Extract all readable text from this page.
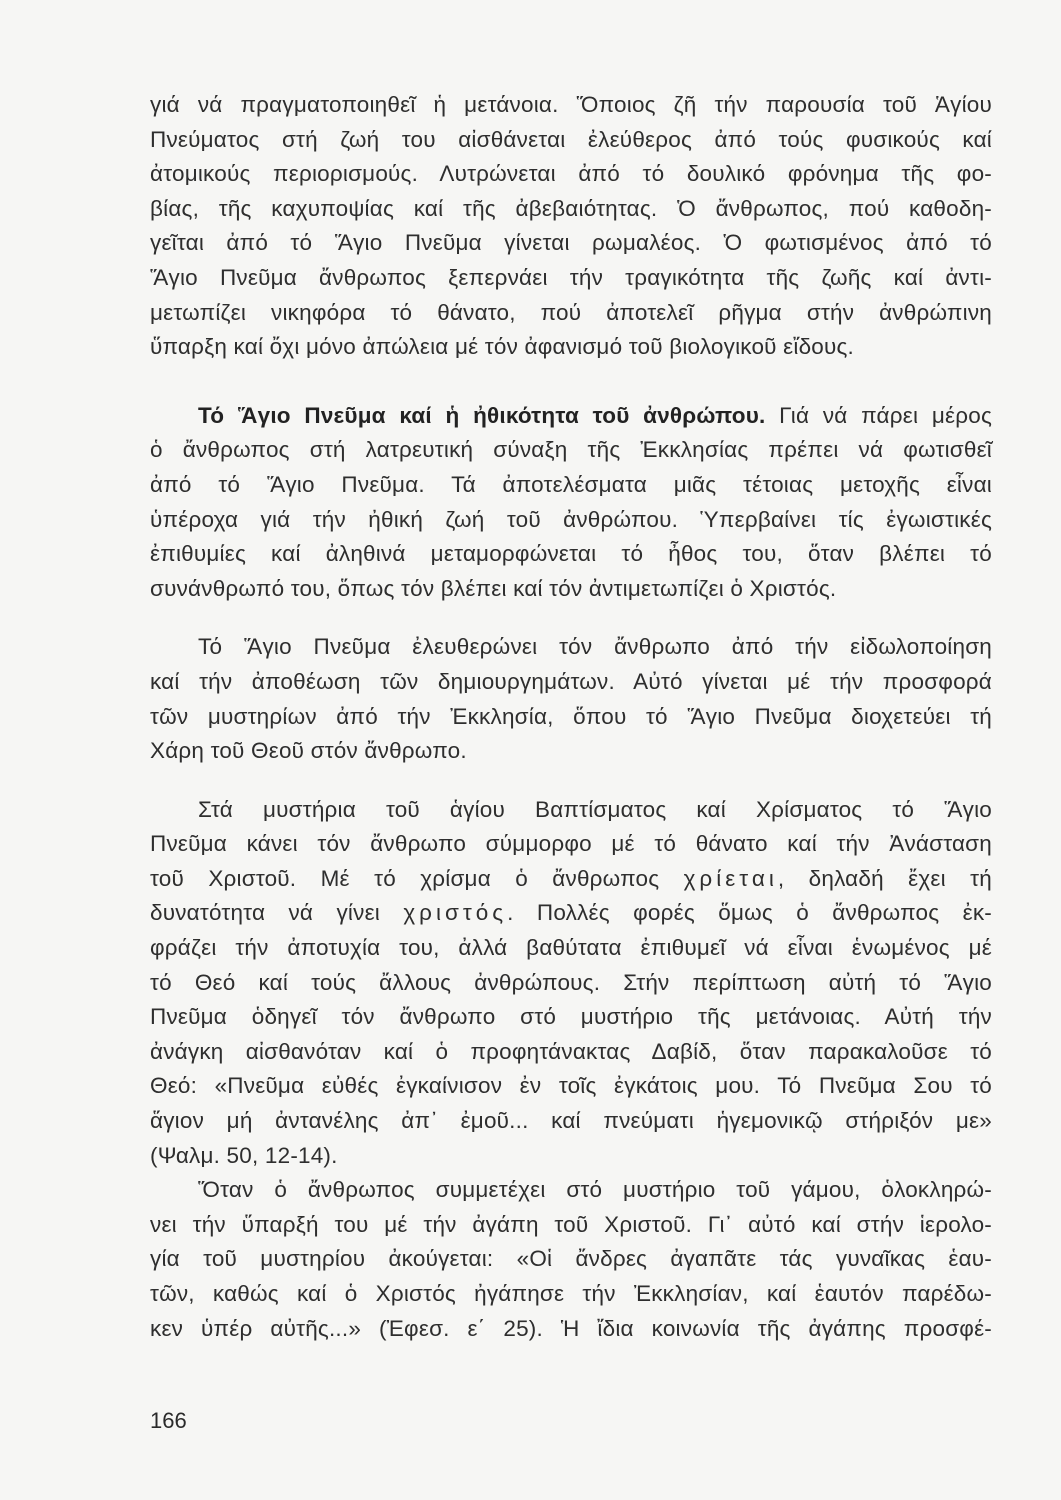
γιά νά πραγματοποιηθεῖ ἡ μετάνοια. Ὅποιος ζῆ τήν παρουσία τοῦ Ἁγίου
Πνεύματος στή ζωή του αἰσθάνεται ἐλεύθερος ἀπό τούς φυσικούς καί
ἀτομικούς περιορισμούς. Λυτρώνεται ἀπό τό δουλικό φρόνημα τῆς φο-
βίας, τῆς καχυποψίας καί τῆς ἀβεβαιότητας. Ὁ ἄνθρωπος, πού καθοδη-
γεῖται ἀπό τό Ἅγιο Πνεῦμα γίνεται ρωμαλέος. Ὁ φωτισμένος ἀπό τό
Ἅγιο Πνεῦμα ἄνθρωπος ξεπερνάει τήν τραγικότητα τῆς ζωῆς καί ἀντι-
μετωπίζει νικηφόρα τό θάνατο, πού ἀποτελεῖ ρῆγμα στήν ἀνθρώπινη
ὕπαρξη καί ὄχι μόνο ἀπώλεια μέ τόν ἀφανισμό τοῦ βιολογικοῦ εἴδους.
Τό Ἅγιο Πνεῦμα καί ἡ ἠθικότητα τοῦ ἀνθρώπου. Γιά νά πάρει μέρος
ὁ ἄνθρωπος στή λατρευτική σύναξη τῆς Ἐκκλησίας πρέπει νά φωτισθεῖ
ἀπό τό Ἅγιο Πνεῦμα. Τά ἀποτελέσματα μιᾶς τέτοιας μετοχῆς εἶναι
ὑπέροχα γιά τήν ἠθική ζωή τοῦ ἀνθρώπου. Ὑπερβαίνει τίς ἐγωιστικές
ἐπιθυμίες καί ἀληθινά μεταμορφώνεται τό ἦθος του, ὅταν βλέπει τό
συνάνθρωπό του, ὅπως τόν βλέπει καί τόν ἀντιμετωπίζει ὁ Χριστός.
Τό Ἅγιο Πνεῦμα ἐλευθερώνει τόν ἄνθρωπο ἀπό τήν εἰδωλοποίηση
καί τήν ἀποθέωση τῶν δημιουργημάτων. Αὐτό γίνεται μέ τήν προσφορά
τῶν μυστηρίων ἀπό τήν Ἐκκλησία, ὅπου τό Ἅγιο Πνεῦμα διοχετεύει τή
Χάρη τοῦ Θεοῦ στόν ἄνθρωπο.
Στά μυστήρια τοῦ ἁγίου Βαπτίσματος καί Χρίσματος τό Ἅγιο
Πνεῦμα κάνει τόν ἄνθρωπο σύμμορφο μέ τό θάνατο καί τήν Ἀνάσταση
τοῦ Χριστοῦ. Μέ τό χρίσμα ὁ ἄνθρωπος χρίεται, δηλαδή ἔχει τή
δυνατότητα νά γίνει χριστός. Πολλές φορές ὅμως ὁ ἄνθρωπος ἐκ-
φράζει τήν ἀποτυχία του, ἀλλά βαθύτατα ἐπιθυμεῖ νά εἶναι ἑνωμένος μέ
τό Θεό καί τούς ἄλλους ἀνθρώπους. Στήν περίπτωση αὐτή τό Ἅγιο
Πνεῦμα ὁδηγεῖ τόν ἄνθρωπο στό μυστήριο τῆς μετάνοιας. Αὐτή τήν
ἀνάγκη αἰσθανόταν καί ὁ προφητάνακτας Δαβίδ, ὅταν παρακαλοῦσε τό
Θεό: «Πνεῦμα εὐθές ἐγκαίνισον ἐν τοῖς ἐγκάτοις μου. Τό Πνεῦμα Σου τό
ἅγιον μή ἀντανέλης ἀπ᾽ ἐμοῦ... καί πνεύματι ἡγεμονικῷ στήριξόν με»
(Ψαλμ. 50, 12-14).
Ὅταν ὁ ἄνθρωπος συμμετέχει στό μυστήριο τοῦ γάμου, ὁλοκληρώ-
νει τήν ὕπαρξή του μέ τήν ἀγάπη τοῦ Χριστοῦ. Γι᾽ αὐτό καί στήν ἱερολο-
γία τοῦ μυστηρίου ἀκούγεται: «Οἱ ἄνδρες ἀγαπᾶτε τάς γυναῖκας ἑαυ-
τῶν, καθώς καί ὁ Χριστός ἠγάπησε τήν Ἐκκλησίαν, καί ἑαυτόν παρέδω-
κεν ὑπέρ αὐτῆς...» (Ἐφεσ. ε΄ 25). Ἡ ἴδια κοινωνία τῆς ἀγάπης προσφέ-
166
